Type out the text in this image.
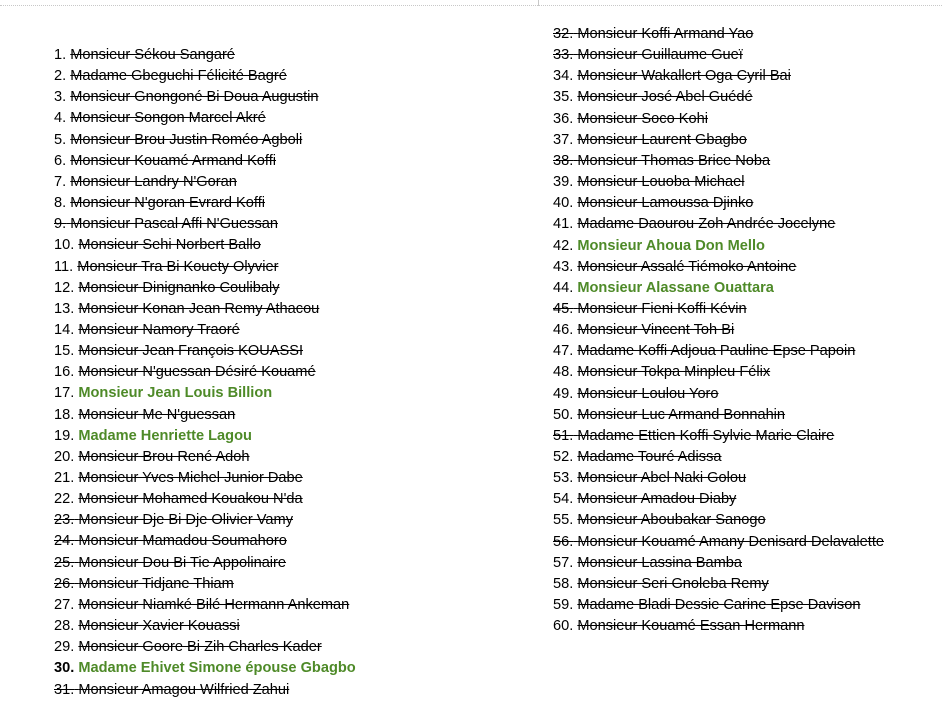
1. Monsieur Sékou Sangaré
2. Madame Gbeguchi Félicité Bagré
3. Monsieur Gnongoné Bi Doua Augustin
4. Monsieur Songon Marcel Akré
5. Monsieur Brou Justin Roméo Agboli
6. Monsieur Kouamé Armand Koffi
7. Monsieur Landry N'Goran
8. Monsieur N'goran Evrard Koffi
9. Monsieur Pascal Affi N'Guessan
10. Monsieur Sehi Norbert Ballo
11. Monsieur Tra Bi Kouety Olyvier
12. Monsieur Dinignanko Coulibaly
13. Monsieur Konan Jean Remy Athacou
14. Monsieur Namory Traoré
15. Monsieur Jean François KOUASSI
16. Monsieur N'guessan Désiré Kouamé
17. Monsieur Jean Louis Billion
18. Monsieur Me N'guessan
19. Madame Henriette Lagou
20. Monsieur Brou René Adoh
21. Monsieur Yves Michel Junior Dabe
22. Monsieur Mohamed Kouakou N'da
23. Monsieur Dje Bi Dje Olivier Vamy
24. Monsieur Mamadou Soumahoro
25. Monsieur Dou Bi Tie Appolinaire
26. Monsieur Tidjane Thiam
27. Monsieur Niamké Bilé Hermann Ankeman
28. Monsieur Xavier Kouassi
29. Monsieur Goore Bi Zih Charles Kader
30. Madame Ehivet Simone épouse Gbagbo
31. Monsieur Amagou Wilfried Zahui
32. Monsieur Koffi Armand Yao
33. Monsieur Guillaume Gueï
34. Monsieur Wakallcrt Oga Cyril Bai
35. Monsieur José Abel Guédé
36. Monsieur Soco Kohi
37. Monsieur Laurent Gbagbo
38. Monsieur Thomas Brice Noba
39. Monsieur Louoba Michael
40. Monsieur Lamoussa Djinko
41. Madame Daourou Zoh Andrée Jocelyne
42. Monsieur Ahoua Don Mello
43. Monsieur Assalé Tiémoko Antoine
44. Monsieur Alassane Ouattara
45. Monsieur Fieni Koffi Kévin
46. Monsieur Vincent Toh Bi
47. Madame Koffi Adjoua Pauline Epse Papoin
48. Monsieur Tokpa Minpleu Félix
49. Monsieur Loulou Yoro
50. Monsieur Luc Armand Bonnahin
51. Madame Ettien Koffi Sylvie Marie Claire
52. Madame Touré Adissa
53. Monsieur Abel Naki Golou
54. Monsieur Amadou Diaby
55. Monsieur Aboubakar Sanogo
56. Monsieur Kouamé Amany Denisard Delavalette
57. Monsieur Lassina Bamba
58. Monsieur Seri Gnoleba Remy
59. Madame Bladi Dessie Carine Epse Davison
60. Monsieur Kouamé Essan Hermann
